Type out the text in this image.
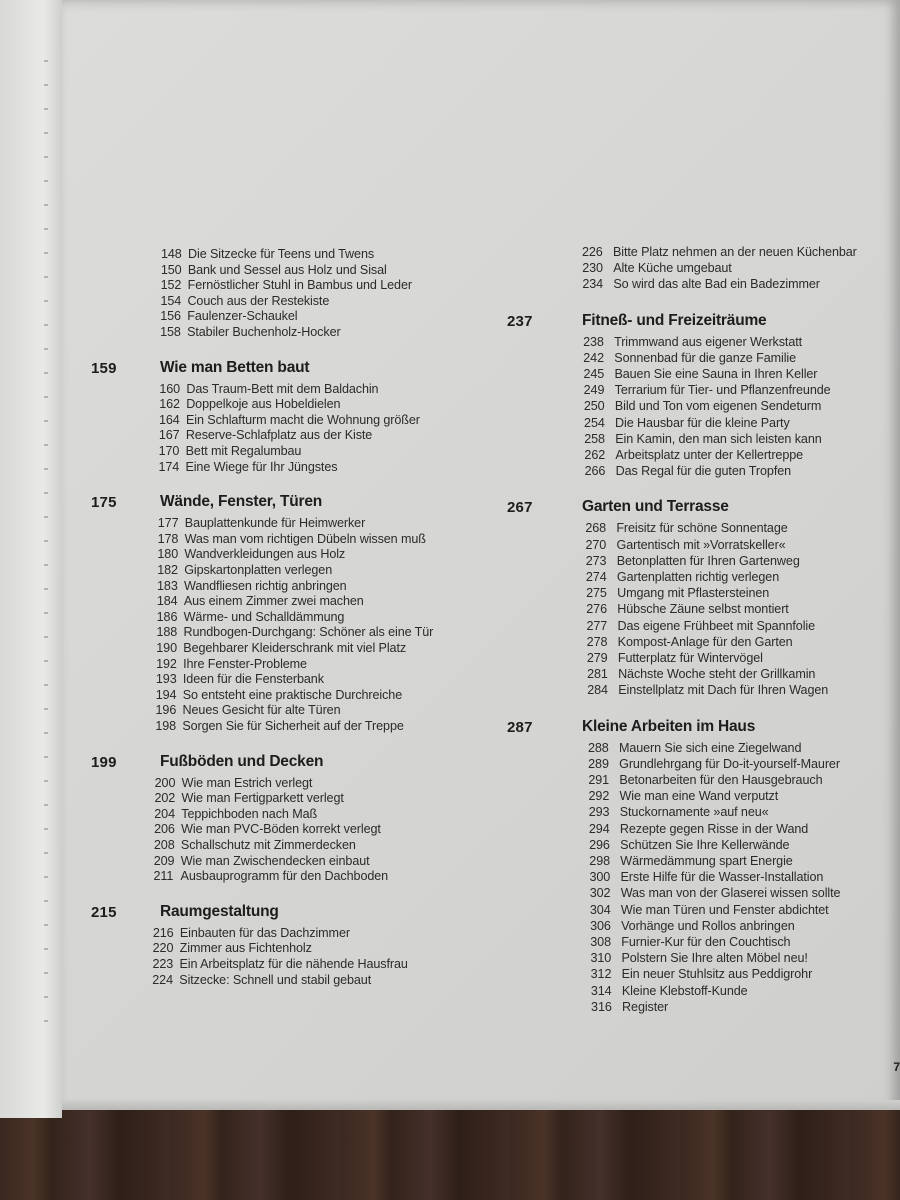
148 Die Sitzecke für Teens und Twens
150 Bank und Sessel aus Holz und Sisal
152 Fernöstlicher Stuhl in Bambus und Leder
154 Couch aus der Restekiste
156 Faulenzer-Schaukel
158 Stabiler Buchenholz-Hocker
159	Wie man Betten baut
160 Das Traum-Bett mit dem Baldachin
162 Doppelkoje aus Hobeldielen
164 Ein Schlafturm macht die Wohnung größer
167 Reserve-Schlafplatz aus der Kiste
170 Bett mit Regalumbau
174 Eine Wiege für Ihr Jüngstes
175	Wände, Fenster, Türen
177 Bauplattenkunde für Heimwerker
178 Was man vom richtigen Dübeln wissen muß
180 Wandverkleidungen aus Holz
182 Gipskartonplatten verlegen
183 Wandfliesen richtig anbringen
184 Aus einem Zimmer zwei machen
186 Wärme- und Schalldämmung
188 Rundbogen-Durchgang: Schöner als eine Tür
190 Begehbarer Kleiderschrank mit viel Platz
192 Ihre Fenster-Probleme
193 Ideen für die Fensterbank
194 So entsteht eine praktische Durchreiche
196 Neues Gesicht für alte Türen
198 Sorgen Sie für Sicherheit auf der Treppe
199	Fußböden und Decken
200 Wie man Estrich verlegt
202 Wie man Fertigparkett verlegt
204 Teppichboden nach Maß
206 Wie man PVC-Böden korrekt verlegt
208 Schallschutz mit Zimmerdecken
209 Wie man Zwischendecken einbaut
211 Ausbauprogramm für den Dachboden
215	Raumgestaltung
216 Einbauten für das Dachzimmer
220 Zimmer aus Fichtenholz
223 Ein Arbeitsplatz für die nähende Hausfrau
224 Sitzecke: Schnell und stabil gebaut
226 Bitte Platz nehmen an der neuen Küchenbar
230 Alte Küche umgebaut
234 So wird das alte Bad ein Badezimmer
237	Fitneß- und Freizeiträume
238 Trimmwand aus eigener Werkstatt
242 Sonnenbad für die ganze Familie
245 Bauen Sie eine Sauna in Ihren Keller
249 Terrarium für Tier- und Pflanzenfreunde
250 Bild und Ton vom eigenen Sendeturm
254 Die Hausbar für die kleine Party
258 Ein Kamin, den man sich leisten kann
262 Arbeitsplatz unter der Kellertreppe
266 Das Regal für die guten Tropfen
267	Garten und Terrasse
268 Freisitz für schöne Sonnentage
270 Gartentisch mit »Vorratskeller«
273 Betonplatten für Ihren Gartenweg
274 Gartenplatten richtig verlegen
275 Umgang mit Pflastersteinen
276 Hübsche Zäune selbst montiert
277 Das eigene Frühbeet mit Spannfolie
278 Kompost-Anlage für den Garten
279 Futterplatz für Wintervögel
281 Nächste Woche steht der Grillkamin
284 Einstellplatz mit Dach für Ihren Wagen
287	Kleine Arbeiten im Haus
288 Mauern Sie sich eine Ziegelwand
289 Grundlehrgang für Do-it-yourself-Maurer
291 Betonarbeiten für den Hausgebrauch
292 Wie man eine Wand verputzt
293 Stuckornamente »auf neu«
294 Rezepte gegen Risse in der Wand
296 Schützen Sie Ihre Kellerwände
298 Wärmedämmung spart Energie
300 Erste Hilfe für die Wasser-Installation
302 Was man von der Glaserei wissen sollte
304 Wie man Türen und Fenster abdichtet
306 Vorhänge und Rollos anbringen
308 Furnier-Kur für den Couchtisch
310 Polstern Sie Ihre alten Möbel neu!
312 Ein neuer Stuhlsitz aus Peddigrohr
314 Kleine Klebstoff-Kunde
316 Register
7
